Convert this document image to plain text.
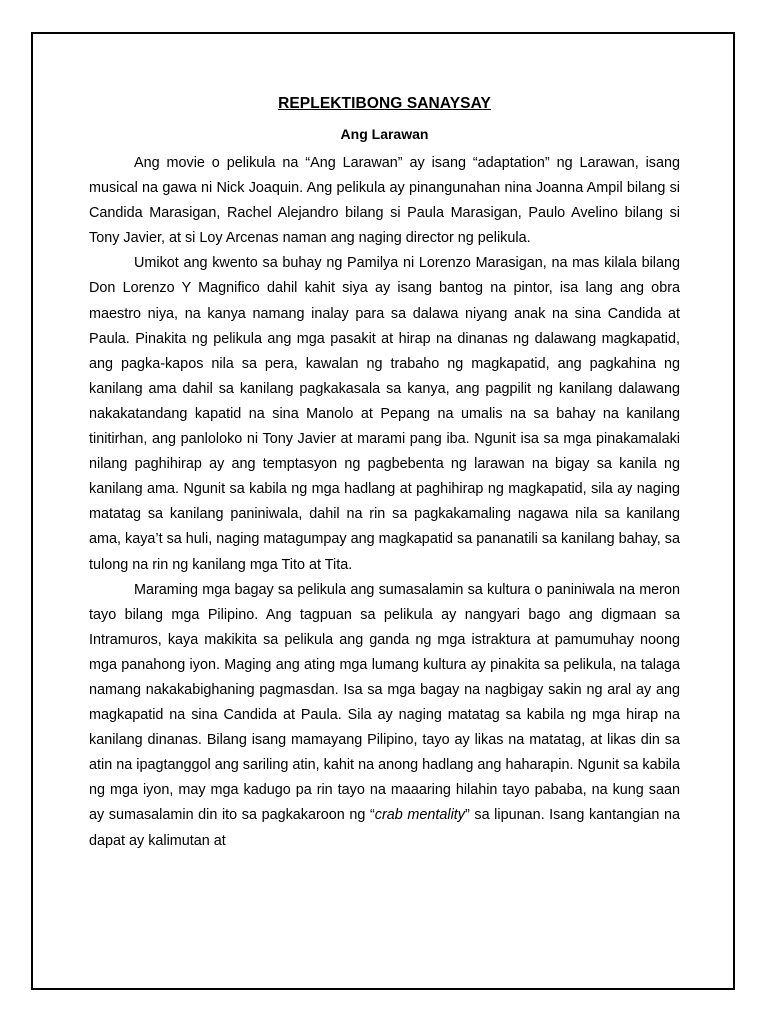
REPLEKTIBONG SANAYSAY
Ang Larawan

Ang movie o pelikula na “Ang Larawan” ay isang “adaptation” ng Larawan, isang musical na gawa ni Nick Joaquin. Ang pelikula ay pinangunahan nina Joanna Ampil bilang si Candida Marasigan, Rachel Alejandro bilang si Paula Marasigan, Paulo Avelino bilang si Tony Javier, at si Loy Arcenas naman ang naging director ng pelikula.

Umikot ang kwento sa buhay ng Pamilya ni Lorenzo Marasigan, na mas kilala bilang Don Lorenzo Y Magnifico dahil kahit siya ay isang bantog na pintor, isa lang ang obra maestro niya, na kanya namang inalay para sa dalawa niyang anak na sina Candida at Paula. Pinakita ng pelikula ang mga pasakit at hirap na dinanas ng dalawang magkapatid, ang pagka-kapos nila sa pera, kawalan ng trabaho ng magkapatid, ang pagkahina ng kanilang ama dahil sa kanilang pagkakasala sa kanya, ang pagpilit ng kanilang dalawang nakakatandang kapatid na sina Manolo at Pepang na umalis na sa bahay na kanilang tinitirhan, ang panloloko ni Tony Javier at marami pang iba. Ngunit isa sa mga pinakamalaki nilang paghihirap ay ang temptasyon ng pagbebenta ng larawan na bigay sa kanila ng kanilang ama. Ngunit sa kabila ng mga hadlang at paghihirap ng magkapatid, sila ay naging matatag sa kanilang paniniwala, dahil na rin sa pagkakamaling nagawa nila sa kanilang ama, kaya’t sa huli, naging matagumpay ang magkapatid sa pananatili sa kanilang bahay, sa tulong na rin ng kanilang mga Tito at Tita.

Maraming mga bagay sa pelikula ang sumasalamin sa kultura o paniniwala na meron tayo bilang mga Pilipino. Ang tagpuan sa pelikula ay nangyari bago ang digmaan sa Intramuros, kaya makikita sa pelikula ang ganda ng mga istraktura at pamumuhay noong mga panahong iyon. Maging ang ating mga lumang kultura ay pinakita sa pelikula, na talaga namang nakakabighaning pagmasdan. Isa sa mga bagay na nagbigay sakin ng aral ay ang magkapatid na sina Candida at Paula. Sila ay naging matatag sa kabila ng mga hirap na kanilang dinanas. Bilang isang mamayang Pilipino, tayo ay likas na matatag, at likas din sa atin na ipagtanggol ang sariling atin, kahit na anong hadlang ang haharapin. Ngunit sa kabila ng mga iyon, may mga kadugo pa rin tayo na maaaring hilahin tayo pababa, na kung saan ay sumasalamin din ito sa pagkakaroon ng “crab mentality” sa lipunan. Isang kantangian na dapat ay kalimutan at
